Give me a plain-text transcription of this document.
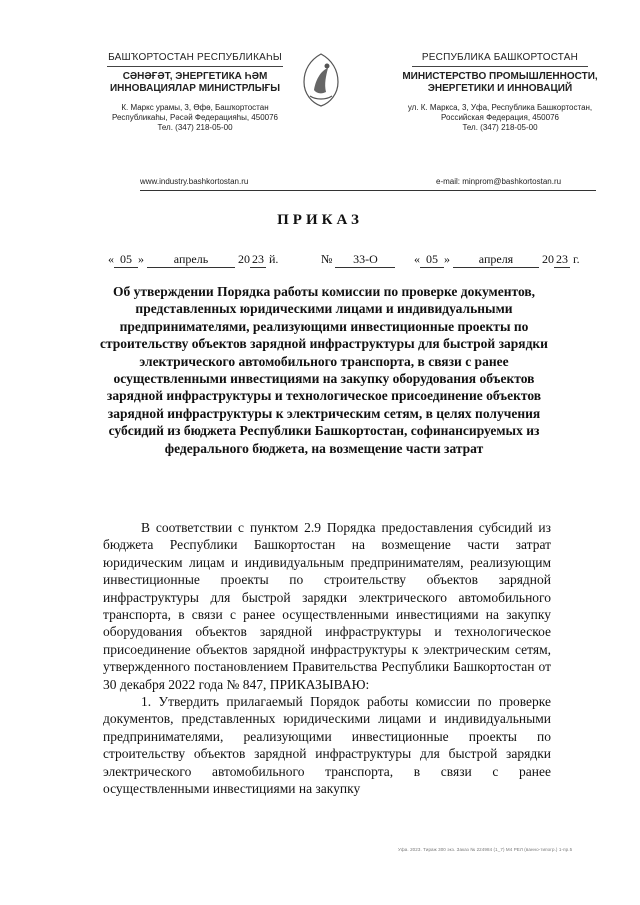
БАШҠОРТОСТАН РЕСПУБЛИКАҺЫ
СӘНӘҒӘТ, ЭНЕРГЕТИКА ҺӘМ ИННОВАЦИЯЛАР МИНИСТРЛЫҒЫ
К. Маркс урамы, 3, Өфө, Башҡортостан Республикаһы, Рәсәй Федерацияһы, 450076
Тел. (347) 218-05-00
РЕСПУБЛИКА БАШКОРТОСТАН
МИНИСТЕРСТВО ПРОМЫШЛЕННОСТИ, ЭНЕРГЕТИКИ И ИННОВАЦИЙ
ул. К. Маркса, 3, Уфа, Республика Башкортостан, Российская Федерация, 450076
Тел. (347) 218-05-00
www.industry.bashkortostan.ru	e-mail: minprom@bashkortostan.ru
ПРИКАЗ
« 05 » апрель 20 23 й.	№ 33-О	« 05 » апреля 20 23 г.
Об утверждении Порядка работы комиссии по проверке документов, представленных юридическими лицами и индивидуальными предпринимателями, реализующими инвестиционные проекты по строительству объектов зарядной инфраструктуры для быстрой зарядки электрического автомобильного транспорта, в связи с ранее осуществленными инвестициями на закупку оборудования объектов зарядной инфраструктуры и технологическое присоединение объектов зарядной инфраструктуры к электрическим сетям, в целях получения субсидий из бюджета Республики Башкортостан, софинансируемых из федерального бюджета, на возмещение части затрат

В соответствии с пунктом 2.9 Порядка предоставления субсидий из бюджета Республики Башкортостан на возмещение части затрат юридическим лицам и индивидуальным предпринимателям, реализующим инвестиционные проекты по строительству объектов зарядной инфраструктуры для быстрой зарядки электрического автомобильного транспорта, в связи с ранее осуществленными инвестициями на закупку оборудования объектов зарядной инфраструктуры и технологическое присоединение объектов зарядной инфраструктуры к электрическим сетям, утвержденного постановлением Правительства Республики Башкортостан от 30 декабря 2022 года № 847, ПРИКАЗЫВАЮ:

1. Утвердить прилагаемый Порядок работы комиссии по проверке документов, представленных юридическими лицами и индивидуальными предпринимателями, реализующими инвестиционные проекты по строительству объектов зарядной инфраструктуры для быстрой зарядки электрического автомобильного транспорта, в связи с ранее осуществленными инвестициями на закупку

Уфа. 2023. Тираж 300 экз. Заказ № 224984 (1_7) М4 РЕЛ (ванно-типогр.) 1-пр.5
